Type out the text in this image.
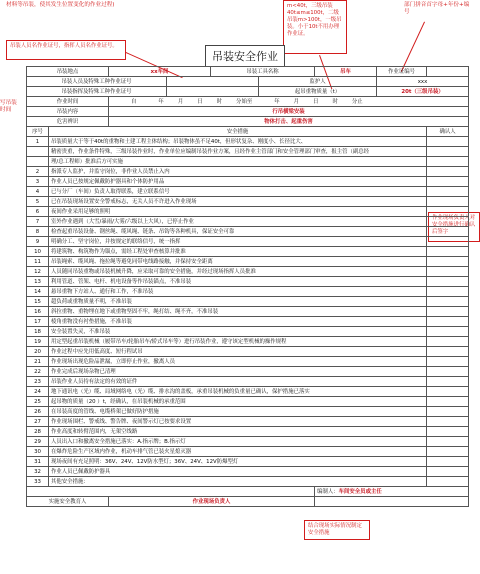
材料等吊装，使其发生位置变化的作业过程)
吊装人员名作业证号，指挥人员名作业证号。
m<40t，三级吊装40t≤m≤100t，二级吊装m>100t，一级吊装。小于10t不用办理作业证。
部门拼音首字母+年份+编号
吊装安全作业
写吊装时间
作业现场负责人对安全措施进行确认后签字
结合现场实际情况制定安全措施
吊装地点		xx车间		吊装工具名称		吊车	作业证编号	
吊装人员及特殊工种作业证号					监护人		xxx	
吊装指挥及特殊工种作业证号					起吊重物质量（t）		20t（三级吊装）	
作业时间		自 年 月 日 时 分始至 年 月 日 时 分止						
吊装内容		行吊横梁安装						
危害辨识		物体打击、起重伤害						
序号	安全措施							确认人
1	吊装质量大于等于40t的重物和土建工程主体结构；吊装物体虽不足40t，但形状复杂、刚度小、长径比大、							
	精密贵重，作业条件特殊，三级吊装作业时，作业单位应编制吊装作业方案，且经作业主管部门和安全管理部门审查，报主管（副总经							
	理/总工程师）批准后方可实施							
2	指派专人监护，并监守岗位，非作业人员禁止入内							
3	作业人员已按规定佩戴防护器具和个体防护用品							
4	已与分厂（车间）负责人取得联系，建立联系信号							
5	已在吊装现场设置安全警戒标志，无关人员不许进入作业现场							
6	夜间作业采用足够的照明							
7	室外作业遇到（大雪/暴雨/大雾/六级以上大风），已停止作业							
8	检查起重吊装设备、钢丝绳、缆风绳、链条、吊钩等各种机具，保证安全可靠							
9	明确分工、坚守岗位，并按规定的联络信号，统一指挥							
10	将建筑物、构筑物作为锚点，需经工程处审查核算并批准							
11	吊装绳索、缆风绳、拖拉绳等避免同带电线路接触，并保持安全距离							
12	人员随同吊装重物或吊装机械升降，应采取可靠的安全措施，并经过现场指挥人员批准							
13	利用管道、管架、电杆、机电设备等作吊装锚点，不准吊装							
14	悬吊重物下方站人、通行和工作，不准吊装							
15	超负荷或重物质量不明，不准吊装							
16	斜拉重物、重物埋在地下或重物坚固不牢，绳打结、绳不齐，不准吊装							
17	棱角重物没有衬垫措施，不准吊装							
18	安全装置失灵，不准吊装							
19	用定型起重吊装机械（履带吊车/轮胎吊车/轿式吊车等）进行吊装作业，遵守该定型机械的操作规程							
20	作业过程中应先用低高度、短行程试吊							
21	作业现场出现危险品泄漏，立即停止作业，撤离人员							
22	作业完成后现场杂物已清理							
23	吊装作业人员持有法定的有效的证件							
24	地下通讯电（光）缆、局域网络电（光）缆、排水沟的盖板，承重吊装机械的负重量已确认，保护措施已落实							
25	起吊物的质量（20 ）t，经确认，在吊装机械的承重范围							
26	在吊装高度的管线、电缆桥架已做好防护措施							
27	作业现场围栏、警戒线、警告牌、夜间警示灯已按要求设置							
28	作业高度和转臂范围内，无架空线路							
29	人员出入口和撤离安全措施已落实：A.指示牌；B.指示灯							
30	在爆炸危险生产区域内作业，机动车排气管已装火星熄灭器							
31	现场夜间有充足照明：36V、24V、12V防水型灯；36V、24V、12V防爆型灯							
32	作业人员已佩戴防护器具							
33	其他安全措施：							
						编制人：车间安全员或主任		
实施安全教育人		作业现场负责人						
